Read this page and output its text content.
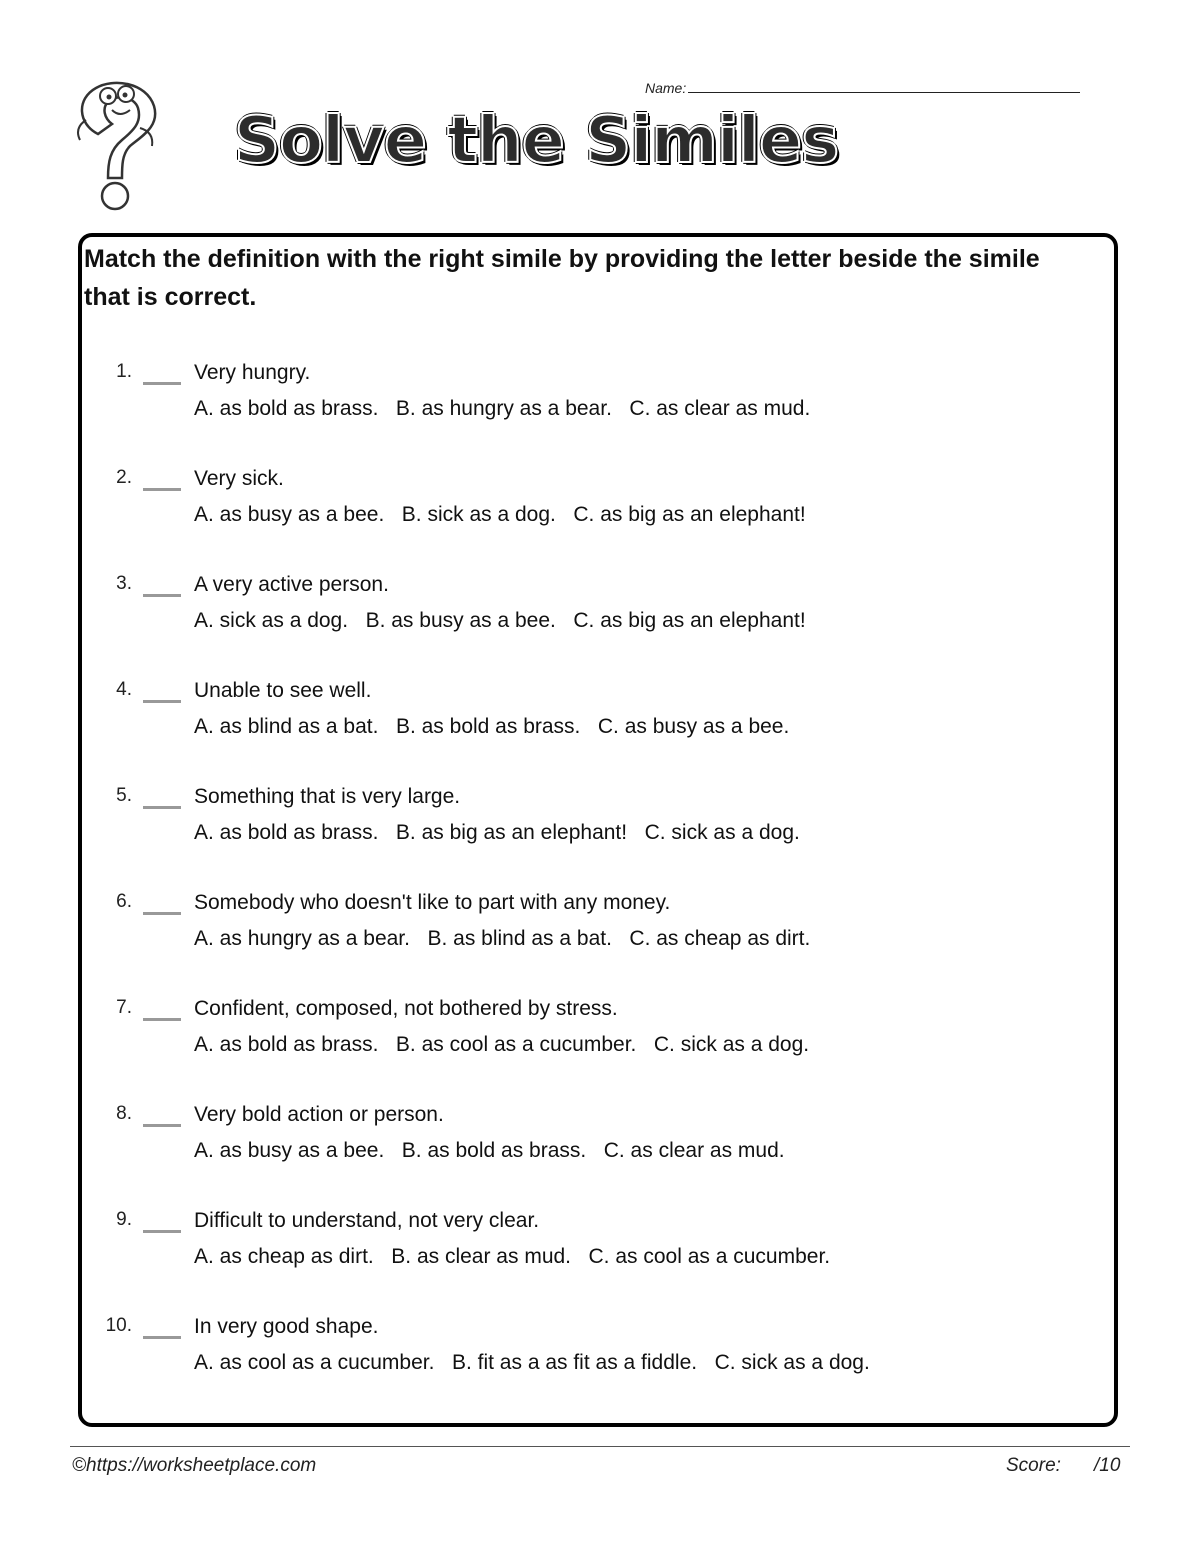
Name:
Solve the Similes
Match the definition with the right simile by providing the letter beside the simile that is correct.
1.	Very hungry.
A. as bold as brass.   B. as hungry as a bear.   C. as clear as mud.
2.	Very sick.
A. as busy as a bee.   B. sick as a dog.   C. as big as an elephant!
3.	A very active person.
A. sick as a dog.   B. as busy as a bee.   C. as big as an elephant!
4.	Unable to see well.
A. as blind as a bat.   B. as bold as brass.   C. as busy as a bee.
5.	Something that is very large.
A. as bold as brass.   B. as big as an elephant!   C. sick as a dog.
6.	Somebody who doesn't like to part with any money.
A. as hungry as a bear.   B. as blind as a bat.   C. as cheap as dirt.
7.	Confident, composed, not bothered by stress.
A. as bold as brass.   B. as cool as a cucumber.   C. sick as a dog.
8.	Very bold action or person.
A. as busy as a bee.   B. as bold as brass.   C. as clear as mud.
9.	Difficult to understand, not very clear.
A. as cheap as dirt.   B. as clear as mud.   C. as cool as a cucumber.
10.	In very good shape.
A. as cool as a cucumber.   B. fit as a as fit as a fiddle.   C. sick as a dog.
©https://worksheetplace.com	Score: /10
